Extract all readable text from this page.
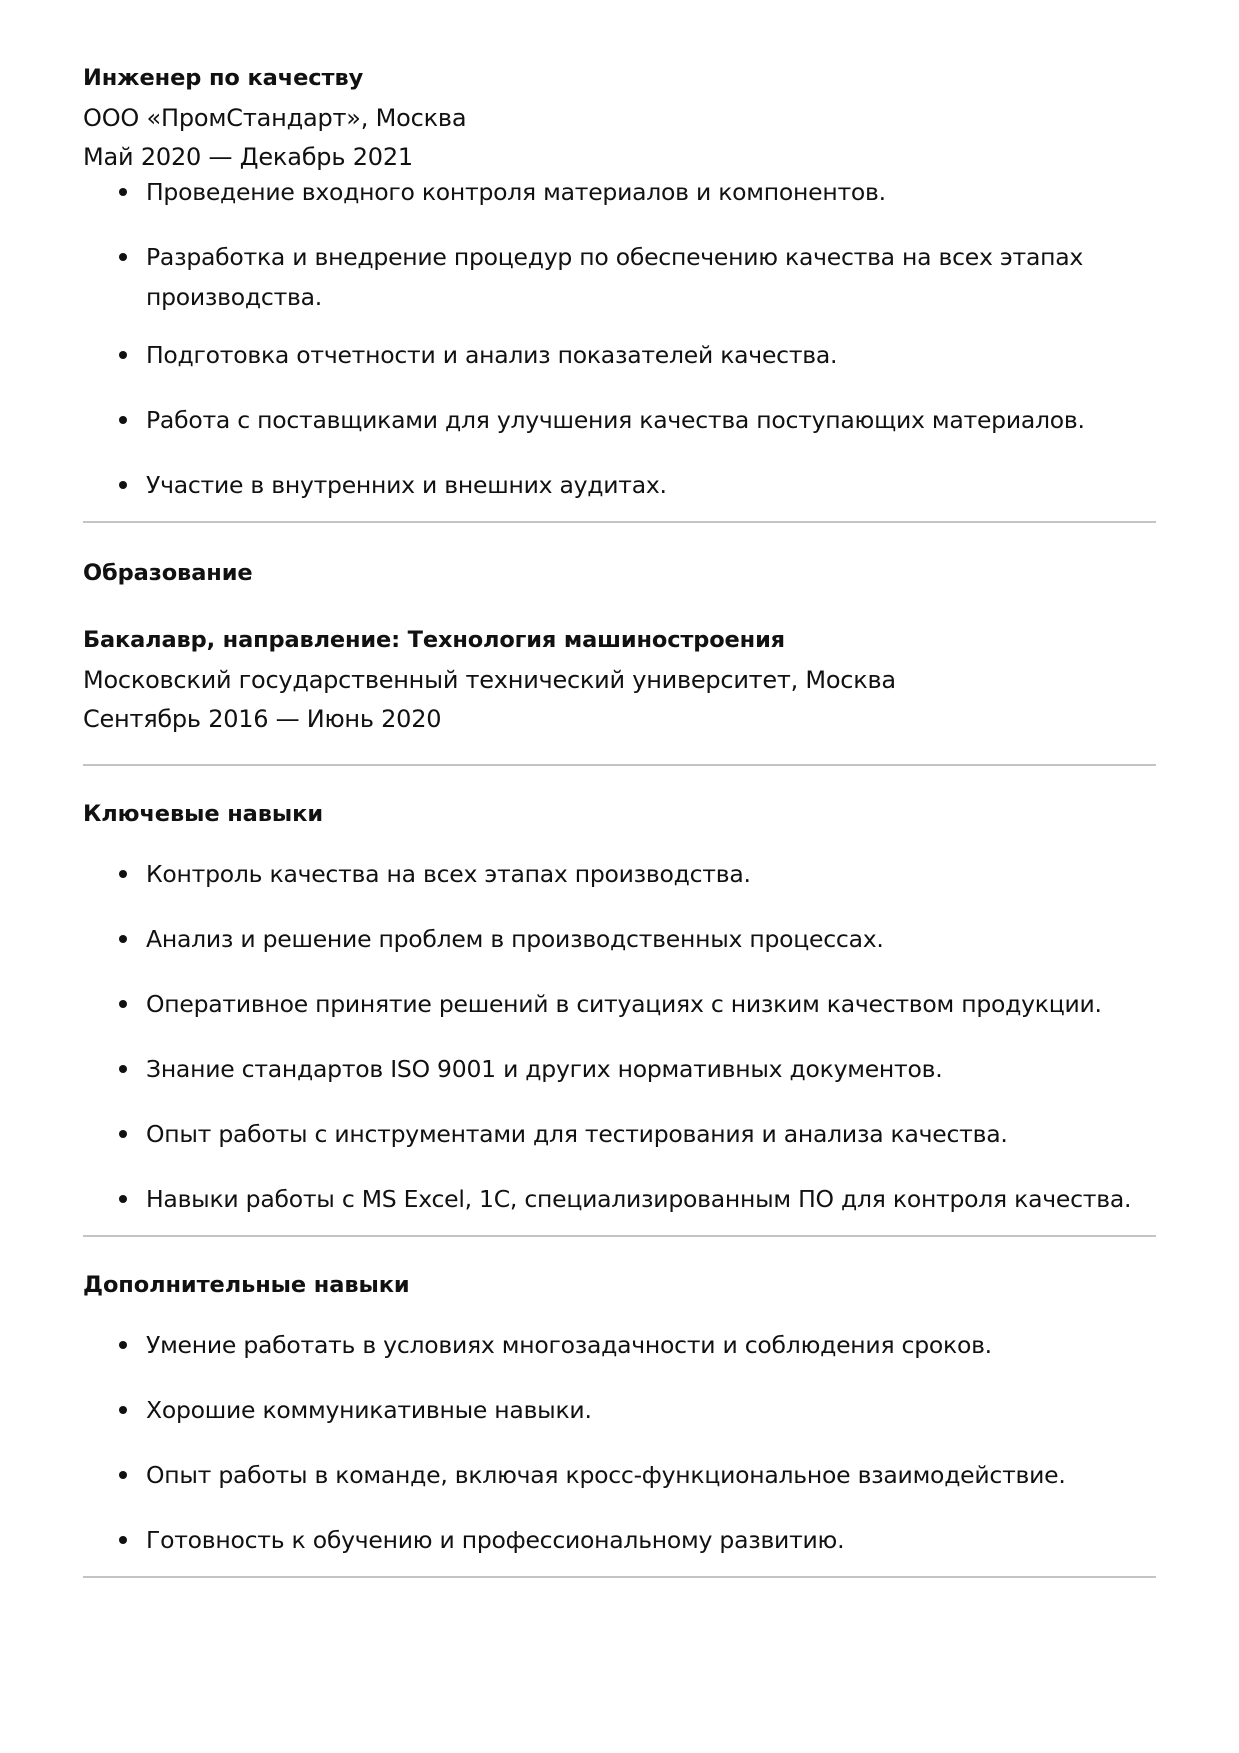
Инженер по качеству
ООО «ПромСтандарт», Москва
Май 2020 — Декабрь 2021
Проведение входного контроля материалов и компонентов.
Разработка и внедрение процедур по обеспечению качества на всех этапах производства.
Подготовка отчетности и анализ показателей качества.
Работа с поставщиками для улучшения качества поступающих материалов.
Участие в внутренних и внешних аудитах.
Образование
Бакалавр, направление: Технология машиностроения
Московский государственный технический университет, Москва
Сентябрь 2016 — Июнь 2020
Ключевые навыки
Контроль качества на всех этапах производства.
Анализ и решение проблем в производственных процессах.
Оперативное принятие решений в ситуациях с низким качеством продукции.
Знание стандартов ISO 9001 и других нормативных документов.
Опыт работы с инструментами для тестирования и анализа качества.
Навыки работы с MS Excel, 1С, специализированным ПО для контроля качества.
Дополнительные навыки
Умение работать в условиях многозадачности и соблюдения сроков.
Хорошие коммуникативные навыки.
Опыт работы в команде, включая кросс-функциональное взаимодействие.
Готовность к обучению и профессиональному развитию.
